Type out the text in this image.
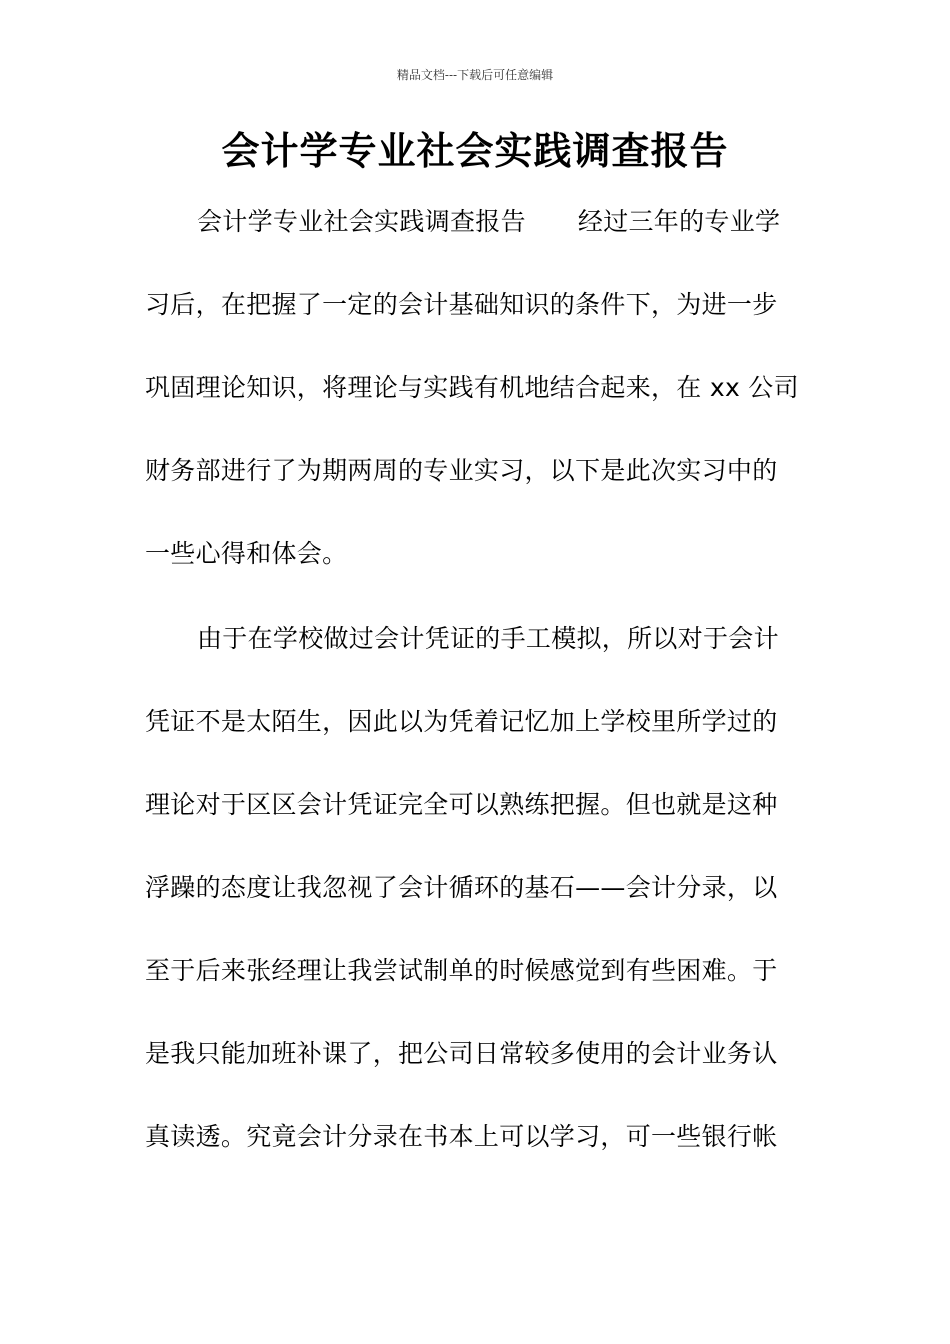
精品文档---下载后可任意编辑
会计学专业社会实践调查报告
会计学专业社会实践调查报告 经过三年的专业学
习后，在把握了一定的会计基础知识的条件下，为进一步
巩固理论知识，将理论与实践有机地结合起来，在 xx 公司
财务部进行了为期两周的专业实习，以下是此次实习中的
一些心得和体会。
由于在学校做过会计凭证的手工模拟，所以对于会计
凭证不是太陌生，因此以为凭着记忆加上学校里所学过的
理论对于区区会计凭证完全可以熟练把握。但也就是这种
浮躁的态度让我忽视了会计循环的基石——会计分录，以
至于后来张经理让我尝试制单的时候感觉到有些困难。于
是我只能加班补课了，把公司日常较多使用的会计业务认
真读透。究竟会计分录在书本上可以学习，可一些银行帐
